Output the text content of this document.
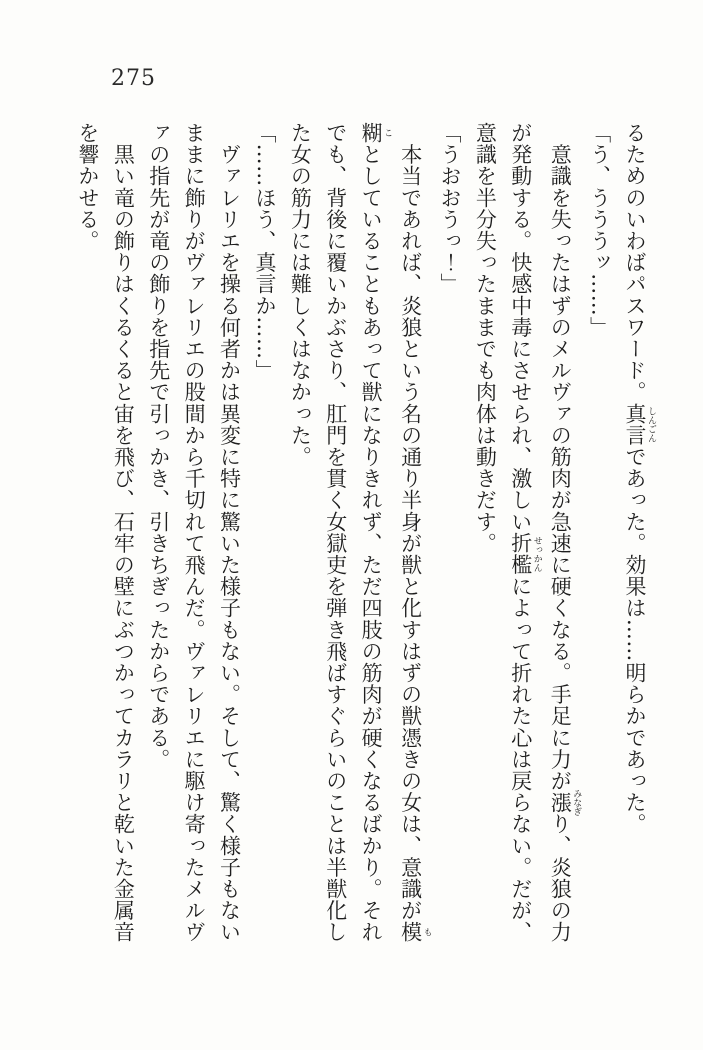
275
るためのいわばパスワード。真言 しんごんであった。効果は……明らかであった。
「う、うううッ……」
　意識を失ったはずのメルヴァの筋肉が急速に硬くなる。手足に力が漲 みなぎり、炎狼の力
が発動する。快感中毒にさせられ、激しい折檻 せっかんによって折れた心は戻らない。だが、
意識を半分失ったままでも肉体は動きだす。
「うおおうっ！」
　本当であれば、炎狼という名の通り半身が獣と化すはずの獣憑きの女は、意識が模 も
糊 ことしていることもあって獣になりきれず、ただ四肢の筋肉が硬くなるばかり。それ
でも、背後に覆いかぶさり、肛門を貫く女獄吏を弾き飛ばすぐらいのことは半獣化し
た女の筋力には難しくはなかった。
「……ほう、真言か……」
　ヴァレリエを操る何者かは異変に特に驚いた様子もない。そして、驚く様子もない
ままに飾りがヴァレリエの股間から千切れて飛んだ。ヴァレリエに駆け寄ったメルヴ
ァの指先が竜の飾りを指先で引っかき、引きちぎったからである。
　黒い竜の飾りはくるくると宙を飛び、石牢の壁にぶつかってカラリと乾いた金属音
を響かせる。
